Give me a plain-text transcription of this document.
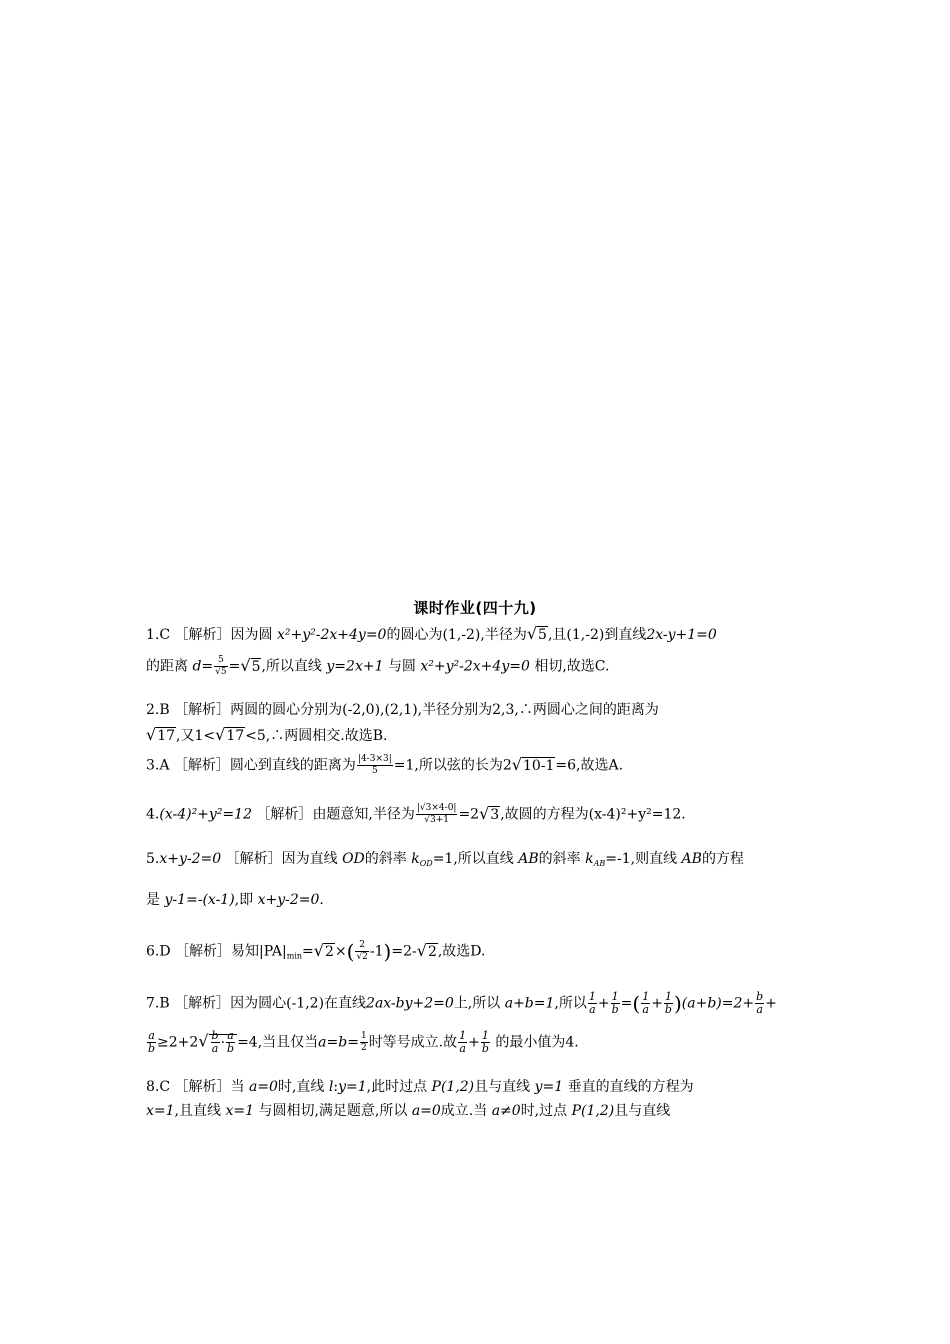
课时作业(四十九)
1.C ［解析］因为圆 x²+y²-2x+4y=0的圆心为(1,-2),半径为√5,且(1,-2)到直线2x-y+1=0
的距离 $d= \frac{5}{√5} =√5$,所以直线 y=2x+1 与圆 x²+y²-2x+4y=0 相切,故选C.
2.B ［解析］两圆的圆心分别为(-2,0),(2,1),半径分别为2,3,∴两圆心之间的距离为
√17,又1<√17<5,∴两圆相交.故选B.
3.A ［解析］圆心到直线的距离为 $\frac{|4-3\times 3|}{5} =1$,所以弦的长为2√10-1=6,故选A.
4.(x-4)²+y²=12 ［解析］由题意知,半径为 $\frac{|√3\times 4-0|}{√3+1} =2√3$,故圆的方程为(x-4)²+y²=12.
5.x+y-2=0 ［解析］因为直线 OD的斜率 $k_{OD}=1$,所以直线 AB的斜率 $k_{AB}=-1$,则直线 AB的方程
是 y-1=-(x-1),即 x+y-2=0.
6.D ［解析］易知$|PA|_{min}=√2\times( \frac{2}{√2} -1)=2-√2$,故选D.
7.B ［解析］因为圆心(-1,2)在直线2ax-by+2=0上,所以 a+b=1,所以 $\frac{1}{a} + \frac{1}{b}$ =( $\frac{1}{a} + \frac{1}{b} )(a+b)=2+ \frac{b}{a}$ +
$\frac{a}{b} \ge 2+2√ \frac{b}{a} \cdot \frac{a}{b} =4$,当且仅当$a=b= \frac{1}{2}$ 时等号成立.故 $\frac{1}{a} + \frac{1}{b}$ 的最小值为4.
8.C ［解析］当 a=0时,直线 l:y=1,此时过点 P(1,2)且与直线 y=1 垂直的直线的方程为
x=1,且直线 x=1 与圆相切,满足题意,所以 a=0成立.当 a≠0时,过点 P(1,2)且与直线
